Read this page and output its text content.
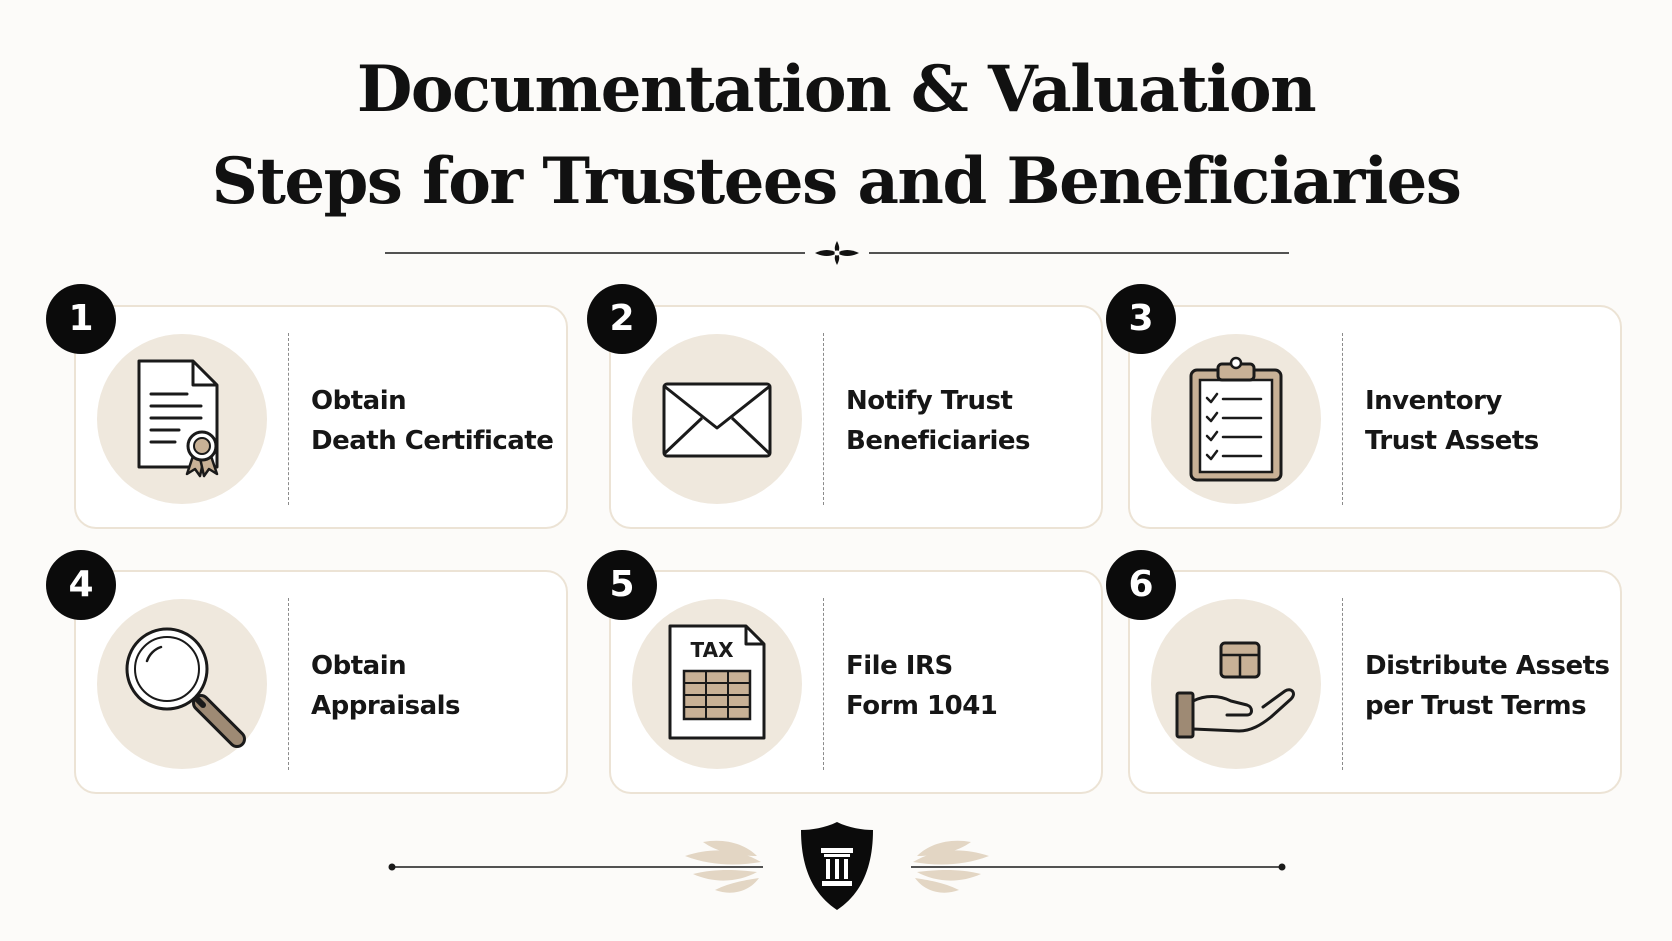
Documentation & Valuation
Steps for Trustees and Beneficiaries
Obtain
Death Certificate
1
Notify Trust
Beneficiaries
2
Inventory
Trust Assets
3
Obtain
Appraisals
4
TAX
File IRS
Form 1041
5
Distribute Assets
per Trust Terms
6
